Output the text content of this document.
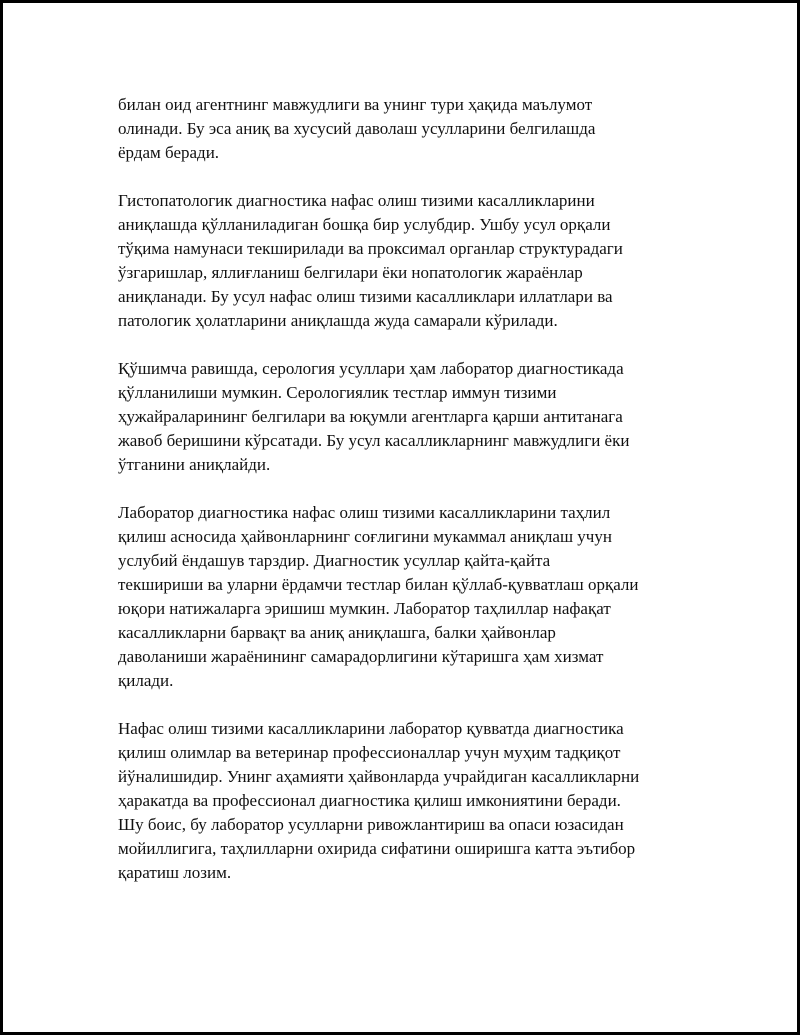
билан оид агентнинг мавжудлиги ва унинг тури ҳақида маълумот
олинади. Бу эса аниқ ва хусусий даволаш усулларини белгилашда
ёрдам беради.
Гистопатологик диагностика нафас олиш тизими касалликларини
аниқлашда қўлланиладиган бошқа бир услубдир. Ушбу усул орқали
тўқима намунаси текширилади ва проксимал органлар структурадаги
ўзгаришлар, яллиғланиш белгилари ёки нопатологик жараёнлар
аниқланади. Бу усул нафас олиш тизими касалликлари иллатлари ва
патологик ҳолатларини аниқлашда жуда самарали кўрилади.
Қўшимча равишда, серология усуллари ҳам лаборатор диагностикада
қўлланилиши мумкин. Серологиялик тестлар иммун тизими
ҳужайраларининг белгилари ва юқумли агентларга қарши антитанага
жавоб беришини кўрсатади. Бу усул касалликларнинг мавжудлиги ёки
ўтганини аниқлайди.
Лаборатор диагностика нафас олиш тизими касалликларини таҳлил
қилиш асносида ҳайвонларнинг соғлигини мукаммал аниқлаш учун
услубий ёндашув тарздир. Диагностик усуллар қайта-қайта
текшириши ва уларни ёрдамчи тестлар билан қўллаб-қувватлаш орқали
юқори натижаларга эришиш мумкин. Лаборатор таҳлиллар нафақат
касалликларни барвақт ва аниқ аниқлашга, балки ҳайвонлар
даволаниши жараёнининг самарадорлигини кўтаришга ҳам хизмат
қилади.
Нафас олиш тизими касалликларини лаборатор қувватда диагностика
қилиш олимлар ва ветеринар профессионаллар учун муҳим тадқиқот
йўналишидир. Унинг аҳамияти ҳайвонларда учрайдиган касалликларни
ҳаракатда ва профессионал диагностика қилиш имкониятини беради.
Шу боис, бу лаборатор усулларни ривожлантириш ва опаси юзасидан
мойиллигига, таҳлилларни охирида сифатини оширишга катта эътибор
қаратиш лозим.
